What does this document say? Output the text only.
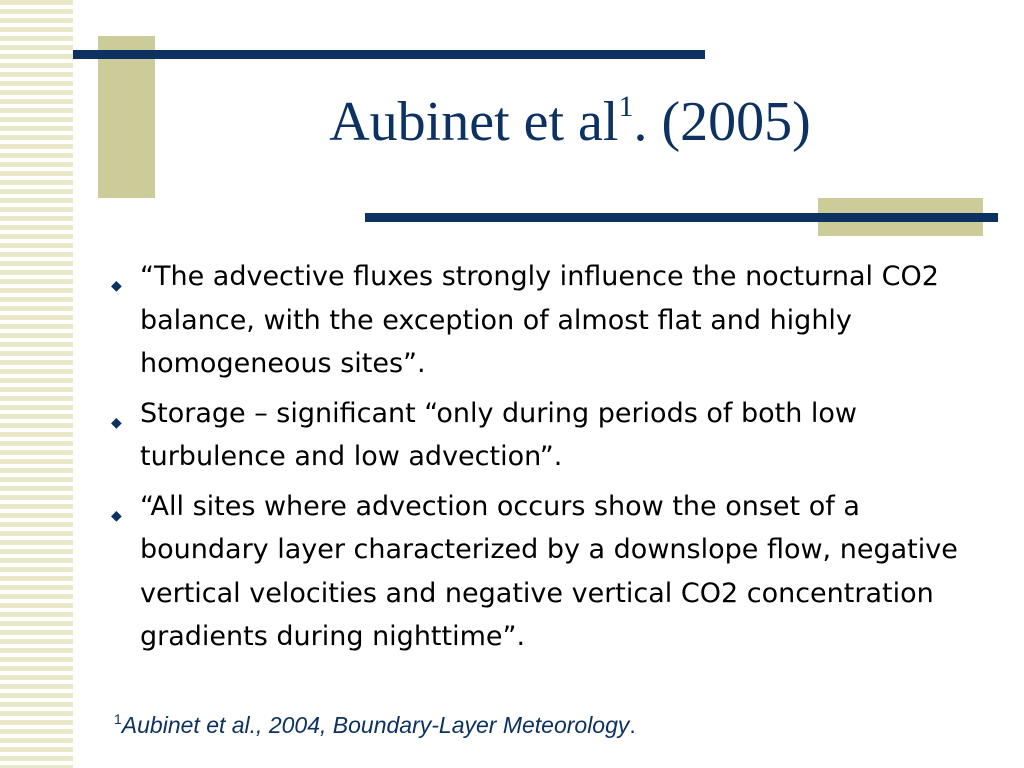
Aubinet et $al^1$. (2005)
◆ “The advective fluxes strongly influence the nocturnal CO2 balance, with the exception of almost flat and highly homogeneous sites”.
◆ Storage – significant “only during periods of both low turbulence and low advection”.
◆ “All sites where advection occurs show the onset of a boundary layer characterized by a downslope flow, negative vertical velocities and negative vertical CO2 concentration gradients during nighttime”.
$^1$Aubinet et al., 2004, Boundary-Layer Meteorology.
